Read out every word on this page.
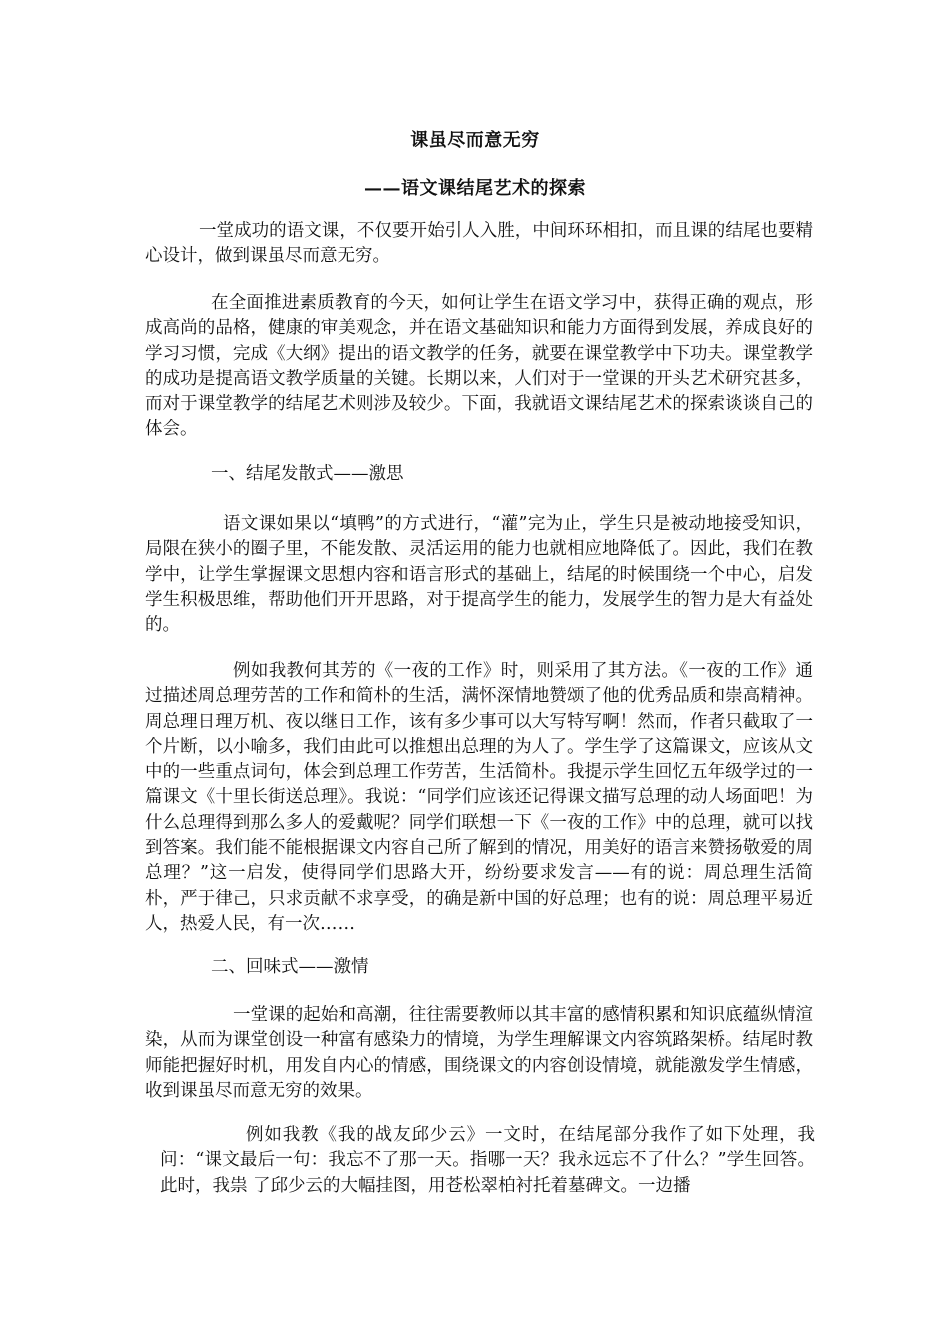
课虽尽而意无穷
——语文课结尾艺术的探索
一堂成功的语文课，不仅要开始引人入胜，中间环环相扣，而且课的结尾也要精心设计，做到课虽尽而意无穷。
在全面推进素质教育的今天，如何让学生在语文学习中，获得正确的观点，形成高尚的品格，健康的审美观念，并在语文基础知识和能力方面得到发展，养成良好的学习习惯，完成《大纲》提出的语文教学的任务，就要在课堂教学中下功夫。课堂教学的成功是提高语文教学质量的关键。长期以来，人们对于一堂课的开头艺术研究甚多，而对于课堂教学的结尾艺术则涉及较少。下面，我就语文课结尾艺术的探索谈谈自己的体会。
一、结尾发散式——激思
语文课如果以“填鸭”的方式进行，“灌”完为止，学生只是被动地接受知识，局限在狭小的圈子里，不能发散、灵活运用的能力也就相应地降低了。因此，我们在教学中，让学生掌握课文思想内容和语言形式的基础上，结尾的时候围绕一个中心，启发学生积极思维，帮助他们开开思路，对于提高学生的能力，发展学生的智力是大有益处的。
例如我教何其芳的《一夜的工作》时，则采用了其方法。《一夜的工作》通过描述周总理劳苦的工作和简朴的生活，满怀深情地赞颂了他的优秀品质和崇高精神。周总理日理万机、夜以继日工作，该有多少事可以大写特写啊！然而，作者只截取了一个片断，以小喻多，我们由此可以推想出总理的为人了。学生学了这篇课文，应该从文中的一些重点词句，体会到总理工作劳苦，生活简朴。我提示学生回忆五年级学过的一篇课文《十里长街送总理》。我说：“同学们应该还记得课文描写总理的动人场面吧！为什么总理得到那么多人的爱戴呢？同学们联想一下《一夜的工作》中的总理，就可以找到答案。我们能不能根据课文内容自己所了解到的情况，用美好的语言来赞扬敬爱的周总理？”这一启发，使得同学们思路大开，纷纷要求发言——有的说：周总理生活简朴，严于律己，只求贡献不求享受，的确是新中国的好总理；也有的说：周总理平易近人，热爱人民，有一次……
二、回味式——激情
一堂课的起始和高潮，往往需要教师以其丰富的感情积累和知识底蕴纵情渲染，从而为课堂创设一种富有感染力的情境，为学生理解课文内容筑路架桥。结尾时教师能把握好时机，用发自内心的情感，围绕课文的内容创设情境，就能激发学生情感，收到课虽尽而意无穷的效果。
例如我教《我的战友邱少云》一文时，在结尾部分我作了如下处理，我问：“课文最后一句：我忘不了那一天。指哪一天？我永远忘不了什么？”学生回答。此时，我祟 了邱少云的大幅挂图，用苍松翠柏衬托着墓碑文。一边播
